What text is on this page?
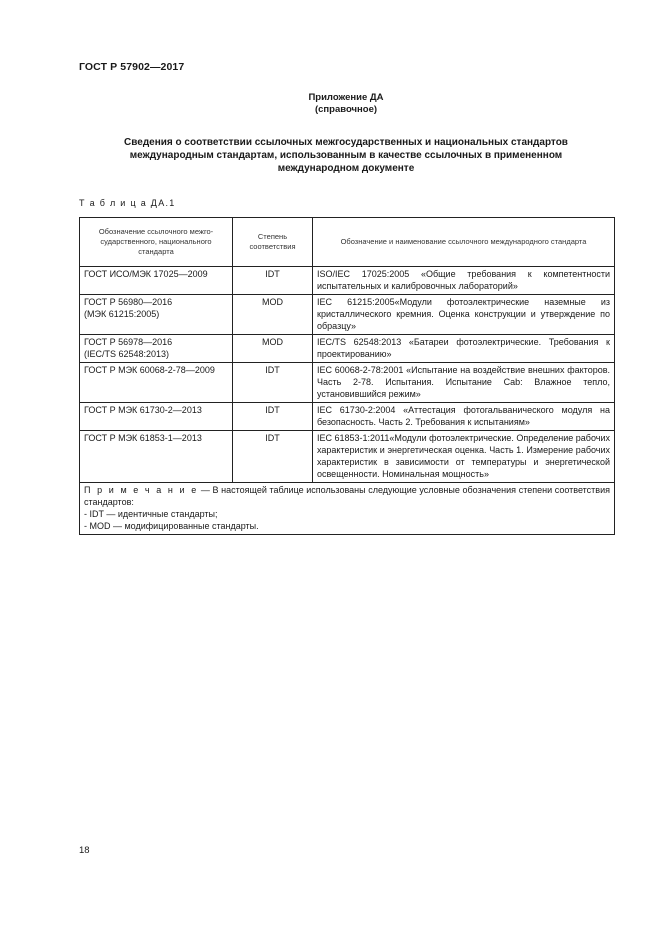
ГОСТ Р 57902—2017
Приложение ДА
(справочное)
Сведения о соответствии ссылочных межгосударственных и национальных стандартов международным стандартам, использованным в качестве ссылочных в примененном международном документе
Т а б л и ц а ДА.1
Обозначение ссылочного межго-сударственного, национального стандарта	Степень соответствия	Обозначение и наименование ссылочного международного стандарта
ГОСТ ИСО/МЭК 17025—2009	IDT	ISO/IEC 17025:2005 «Общие требования к компетентности испытательных и калибровочных лабораторий»

ГОСТ Р 56980—2016
(МЭК 61215:2005)	MOD	IEC 61215:2005«Модули фотоэлектрические наземные из кристаллического кремния. Оценка конструкции и утверждение по образцу»

ГОСТ Р 56978—2016
(IEC/TS 62548:2013)	MOD	IEC/TS 62548:2013 «Батареи фотоэлектрические. Требования к проектированию»
ГОСТ Р МЭК 60068-2-78—2009	IDT	IEC 60068-2-78:2001 «Испытание на воздействие внешних факторов. Часть 2-78. Испытания. Испытание Cab: Влажное тепло, установившийся режим»
ГОСТ Р МЭК 61730-2—2013	IDT	IEC 61730-2:2004 «Аттестация фотогальванического модуля на безопасность. Часть 2. Требования к испытаниям»
ГОСТ Р МЭК 61853-1—2013	IDT	IEC 61853-1:2011«Модули фотоэлектрические. Определение рабочих характеристик и энергетическая оценка. Часть 1. Измерение рабочих характеристик в зависимости от температуры и энергетической освещенности. Номинальная мощность»
П р и м е ч а н и е — В настоящей таблице использованы следующие условные обозначения степени соответствия стандартов:
- IDT — идентичные стандарты;
- MOD — модифицированные стандарты.		
18
